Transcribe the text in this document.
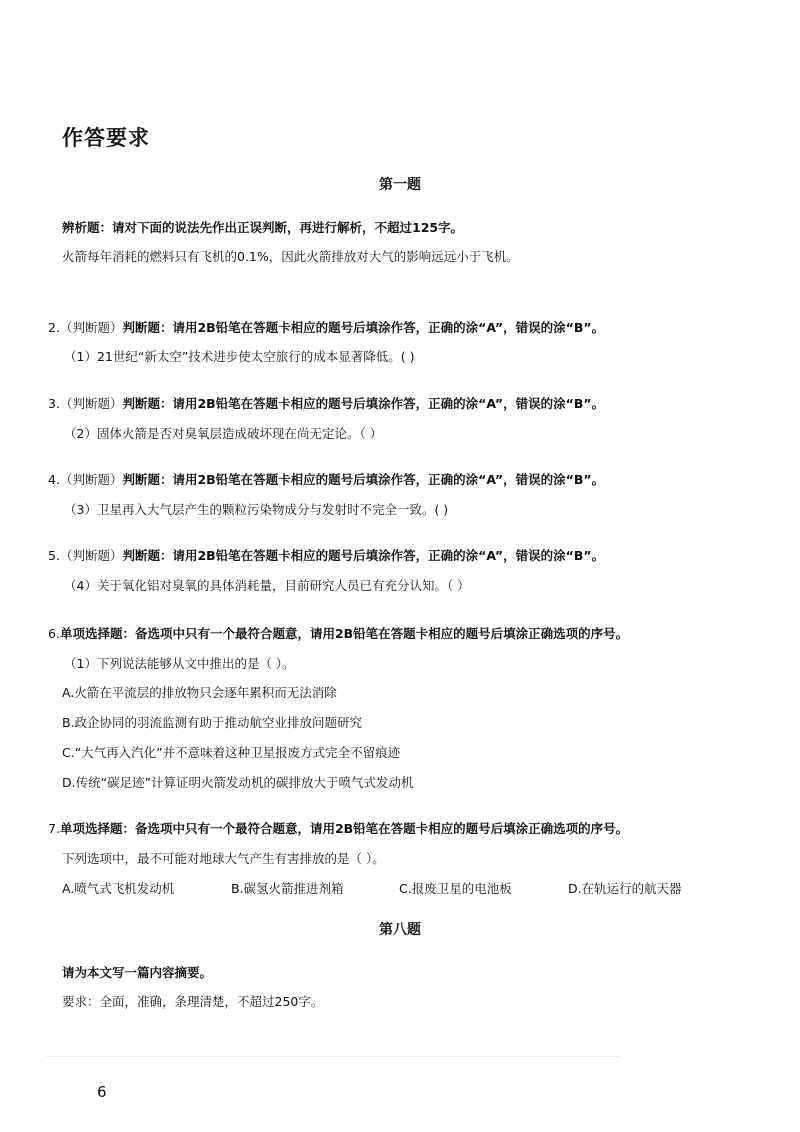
作答要求
第一题
辨析题：请对下面的说法先作出正误判断，再进行解析，不超过125字。
火箭每年消耗的燃料只有飞机的0.1%，因此火箭排放对大气的影响远远小于飞机。
2.（判断题）判断题：请用2B铅笔在答题卡相应的题号后填涂作答，正确的涂“A”，错误的涂“B”。
（1）21世纪“新太空”技术进步使太空旅行的成本显著降低。( )
3.（判断题）判断题：请用2B铅笔在答题卡相应的题号后填涂作答，正确的涂“A”，错误的涂“B”。
（2）固体火箭是否对臭氧层造成破坏现在尚无定论。（ ）
4.（判断题）判断题：请用2B铅笔在答题卡相应的题号后填涂作答，正确的涂“A”，错误的涂“B”。
（3）卫星再入大气层产生的颗粒污染物成分与发射时不完全一致。( )
5.（判断题）判断题：请用2B铅笔在答题卡相应的题号后填涂作答，正确的涂“A”，错误的涂“B”。
（4）关于氧化铝对臭氧的具体消耗量，目前研究人员已有充分认知。（ ）
6.单项选择题：备选项中只有一个最符合题意，请用2B铅笔在答题卡相应的题号后填涂正确选项的序号。
（1）下列说法能够从文中推出的是（ ）。
A.火箭在平流层的排放物只会逐年累积而无法消除
B.政企协同的羽流监测有助于推动航空业排放问题研究
C.“大气再入汽化”并不意味着这种卫星报废方式完全不留痕迹
D.传统“碳足迹”计算证明火箭发动机的碳排放大于喷气式发动机
7.单项选择题：备选项中只有一个最符合题意，请用2B铅笔在答题卡相应的题号后填涂正确选项的序号。
下列选项中，最不可能对地球大气产生有害排放的是（ ）。
A.喷气式飞机发动机	B.碳氢火箭推进剂箱	C.报废卫星的电池板	D.在轨运行的航天器
第八题
请为本文写一篇内容摘要。
要求：全面，准确，条理清楚，不超过250字。
6
